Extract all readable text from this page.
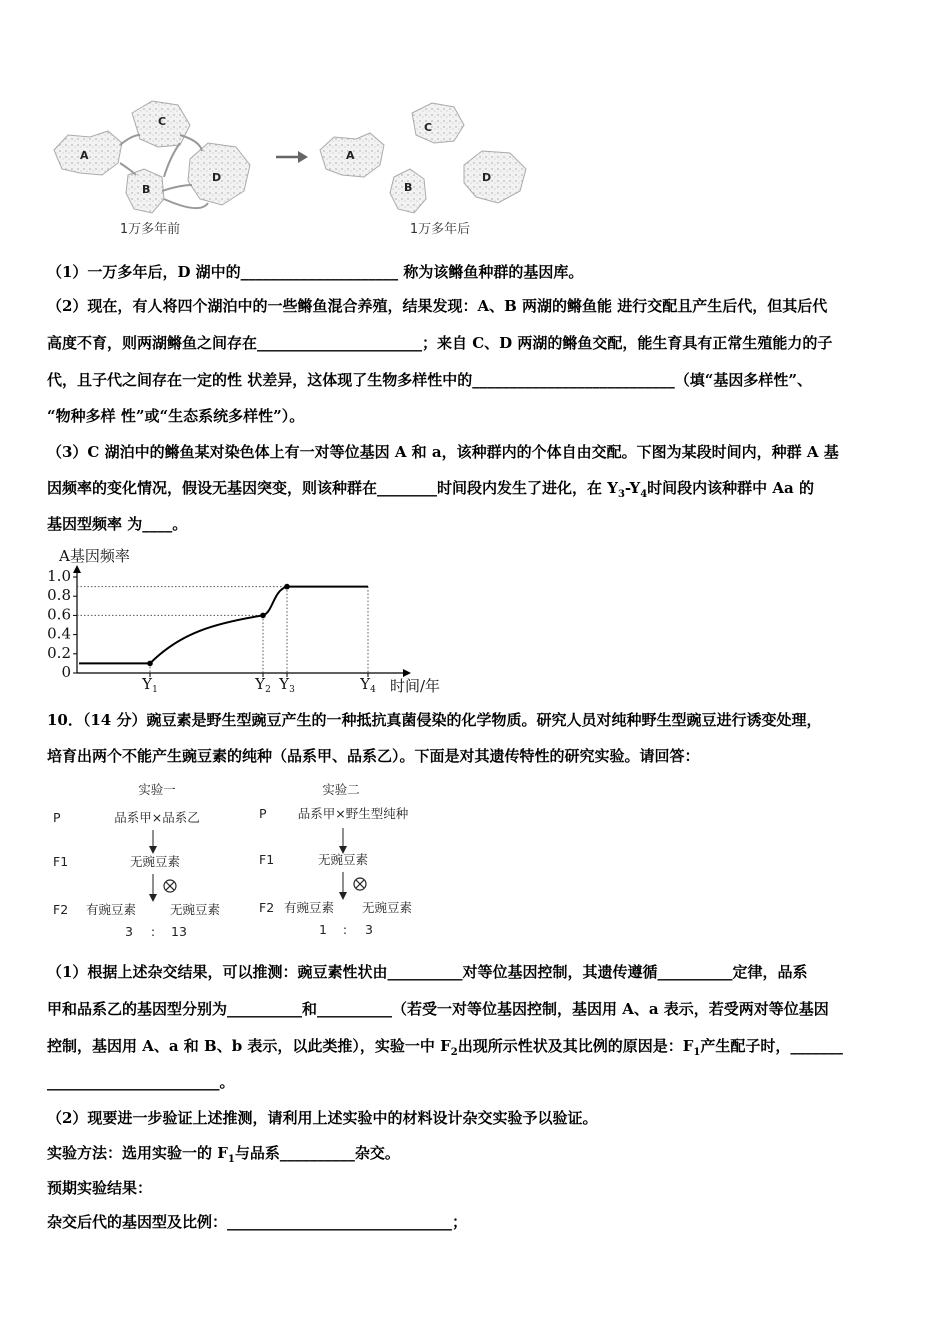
A
C
B
D
1万多年前
A
C
B
D
1万多年后
（1）一万多年后，D 湖中的_____________________ 称为该鳉鱼种群的基因库。
（2）现在，有人将四个湖泊中的一些鳉鱼混合养殖，结果发现：A、B 两湖的鳉鱼能 进行交配且产生后代，但其后代
高度不育，则两湖鳉鱼之间存在______________________；来自 C、D 两湖的鳉鱼交配，能生育具有正常生殖能力的子
代，且子代之间存在一定的性 状差异，这体现了生物多样性中的___________________________（填“基因多样性”、
“物种多样 性”或“生态系统多样性”）。
（3）C 湖泊中的鳉鱼某对染色体上有一对等位基因 A 和 a，该种群内的个体自由交配。下图为某段时间内，种群 A 基
因频率的变化情况，假设无基因突变，则该种群在________时间段内发生了进化，在 $Y_3-Y_4$时间段内该种群中 Aa 的
基因型频率 为____。
A基因频率
时间/年
1.0
0.8
0.6
0.4
0.2
0
$Y_1$	$Y_2$ $Y_3$	$Y_4$
10．（14 分）豌豆素是野生型豌豆产生的一种抵抗真菌侵染的化学物质。研究人员对纯种野生型豌豆进行诱变处理，
培育出两个不能产生豌豆素的纯种（品系甲、品系乙）。下面是对其遗传特性的研究实验。请回答：
实验一
P	品系甲×品系乙
F1	无豌豆素
F2 有豌豆素	无豌豆素
3 : 13
实验二
P 品系甲×野生型纯种
F1	无豌豆素
F2 有豌豆素 无豌豆素
1 : 3
（1）根据上述杂交结果，可以推测：豌豆素性状由__________对等位基因控制，其遗传遵循__________定律，品系
甲和品系乙的基因型分别为__________和__________（若受一对等位基因控制，基因用 A、a 表示，若受两对等位基因
控制，基因用 A、a 和 B、b 表示，以此类推），实验一中 $F_2$出现所示性状及其比例的原因是：$F_1$产生配子时，_______
_______________________。
（2）现要进一步验证上述推测，请利用上述实验中的材料设计杂交实验予以验证。
实验方法：选用实验一的 $F_1$与品系__________杂交。
预期实验结果：
杂交后代的基因型及比例：______________________________；
